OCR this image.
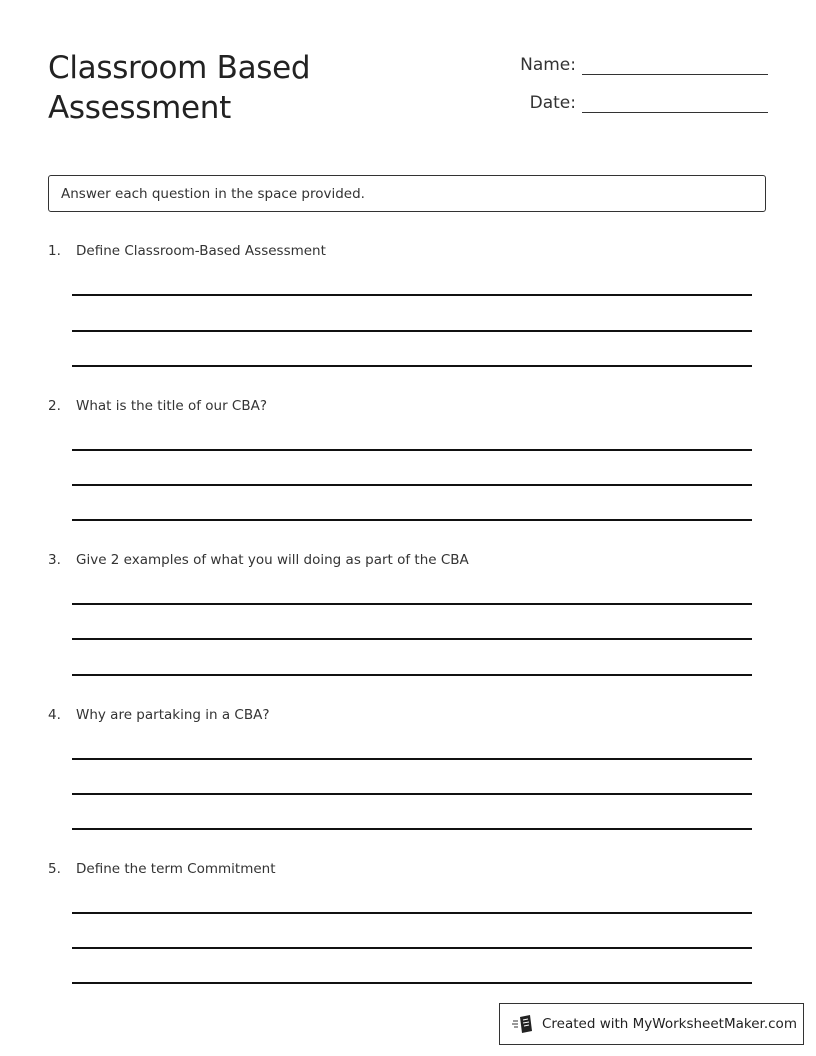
Classroom Based
Assessment
Name:
Date:
Answer each question in the space provided.
1.	Define Classroom-Based Assessment
2.	What is the title of our CBA?
3.	Give 2 examples of what you will doing as part of the CBA
4.	Why are partaking in a CBA?
5.	Define the term Commitment
Created with MyWorksheetMaker.com
